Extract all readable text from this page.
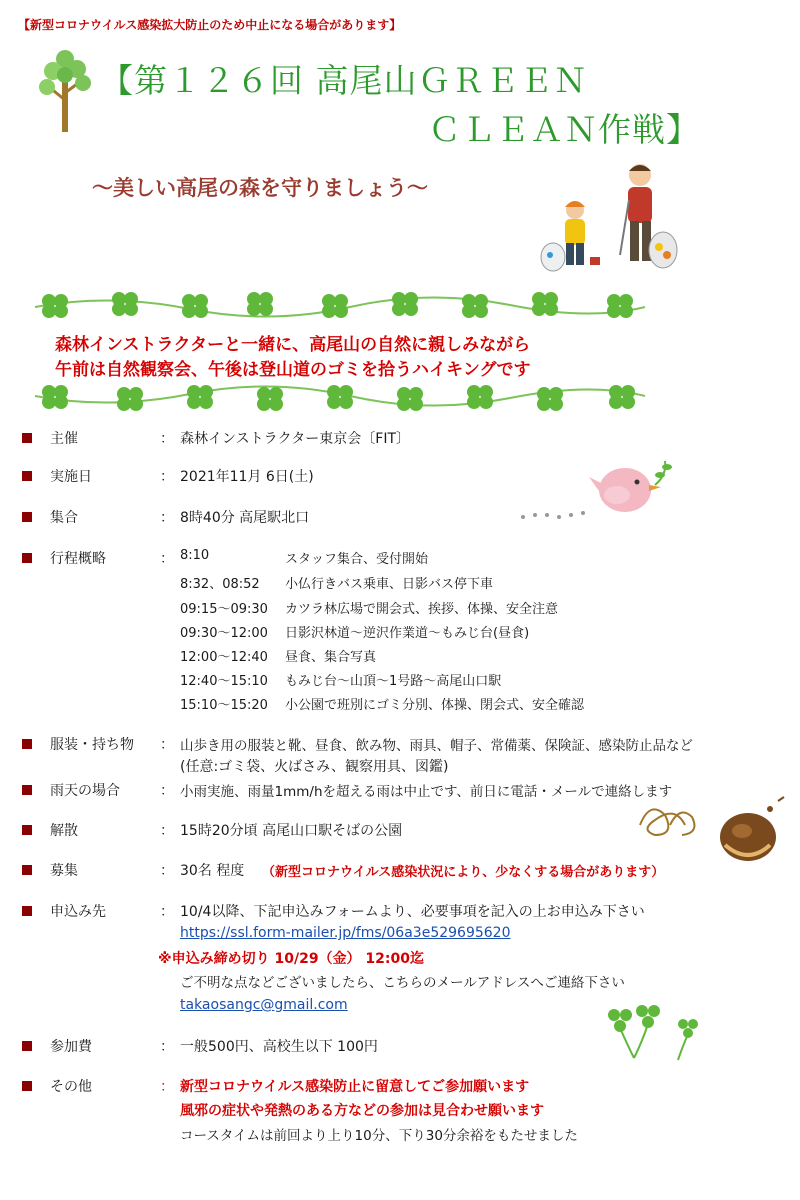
【新型コロナウイルス感染拡大防止のため中止になる場合があります】
【第１２６回 高尾山ＧＲＥＥＮ
ＣＬＥＡＮ作戦】
～美しい高尾の森を守りましょう～
森林インストラクターと一緒に、高尾山の自然に親しみながら
午前は自然観察会、午後は登山道のゴミを拾うハイキングです
主催	： 森林インストラクター東京会〔FIT〕
実施日	： 2021年11月 6日(土)
集合	： 8時40分 高尾駅北口
行程概略	： 8:10	スタッフ集合、受付開始
8:32、08:52 小仏行きバス乗車、日影バス停下車
09:15～09:30 カツラ林広場で開会式、挨拶、体操、安全注意
09:30～12:00 日影沢林道～逆沢作業道～もみじ台(昼食)
12:00～12:40 昼食、集合写真
12:40～15:10 もみじ台～山頂～1号路～高尾山口駅
15:10～15:20 小公園で班別にゴミ分別、体操、閉会式、安全確認
服装・持ち物 ： 山歩き用の服装と靴、昼食、飲み物、雨具、帽子、常備薬、保険証、感染防止品など
(任意:ゴミ袋、火ばさみ、観察用具、図鑑)
雨天の場合	： 小雨実施、雨量1mm/hを超える雨は中止です、前日に電話・メールで連絡します
解散	： 15時20分頃 高尾山口駅そばの公園
募集	： 30名 程度 （新型コロナウイルス感染状況により、少なくする場合があります）
申込み先	： 10/4以降、下記申込みフォームより、必要事項を記入の上お申込み下さい
https://ssl.form-mailer.jp/fms/06a3e529695620
※申込み締め切り 10/29（金） 12:00迄
ご不明な点などございましたら、こちらのメールアドレスへご連絡下さい
takaosangc@gmail.com
参加費	： 一般500円、高校生以下 100円
その他	： 新型コロナウイルス感染防止に留意してご参加願います
風邪の症状や発熱のある方などの参加は見合わせ願います
コースタイムは前回より上り10分、下り30分余裕をもたせました
